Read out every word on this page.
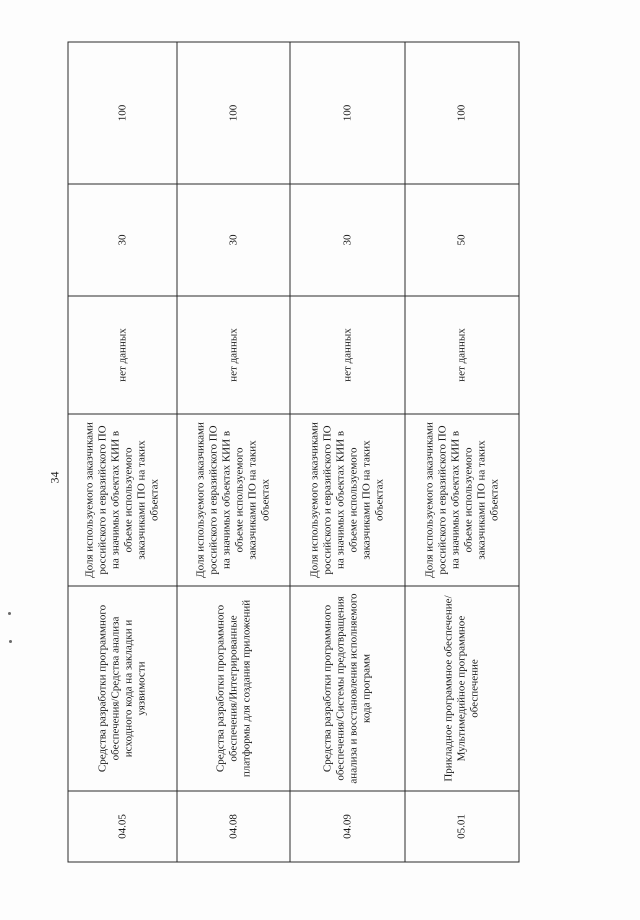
34
04.05	Средства разработки программного обеспечения/Средства анализа исходного кода на закладки и уязвимости	Доля используемого заказчиками российского и евразийского ПО на значимых объектах КИИ в объеме используемого заказчиками ПО на таких объектах	нет данных	30	100
04.08	Средства разработки программного обеспечения/Интегрированные платформы для создания приложений	Доля используемого заказчиками российского и евразийского ПО на значимых объектах КИИ в объеме используемого заказчиками ПО на таких объектах	нет данных	30	100
04.09	Средства разработки программного обеспечения/Системы предотвращения анализа и восстановления исполняемого кода программ	Доля используемого заказчиками российского и евразийского ПО на значимых объектах КИИ в объеме используемого заказчиками ПО на таких объектах	нет данных	30	100
05.01	Прикладное программное обеспечение/Мультимедийное программное обеспечение	Доля используемого заказчиками российского и евразийского ПО на значимых объектах КИИ в объеме используемого заказчиками ПО на таких объектах	нет данных	50	100
